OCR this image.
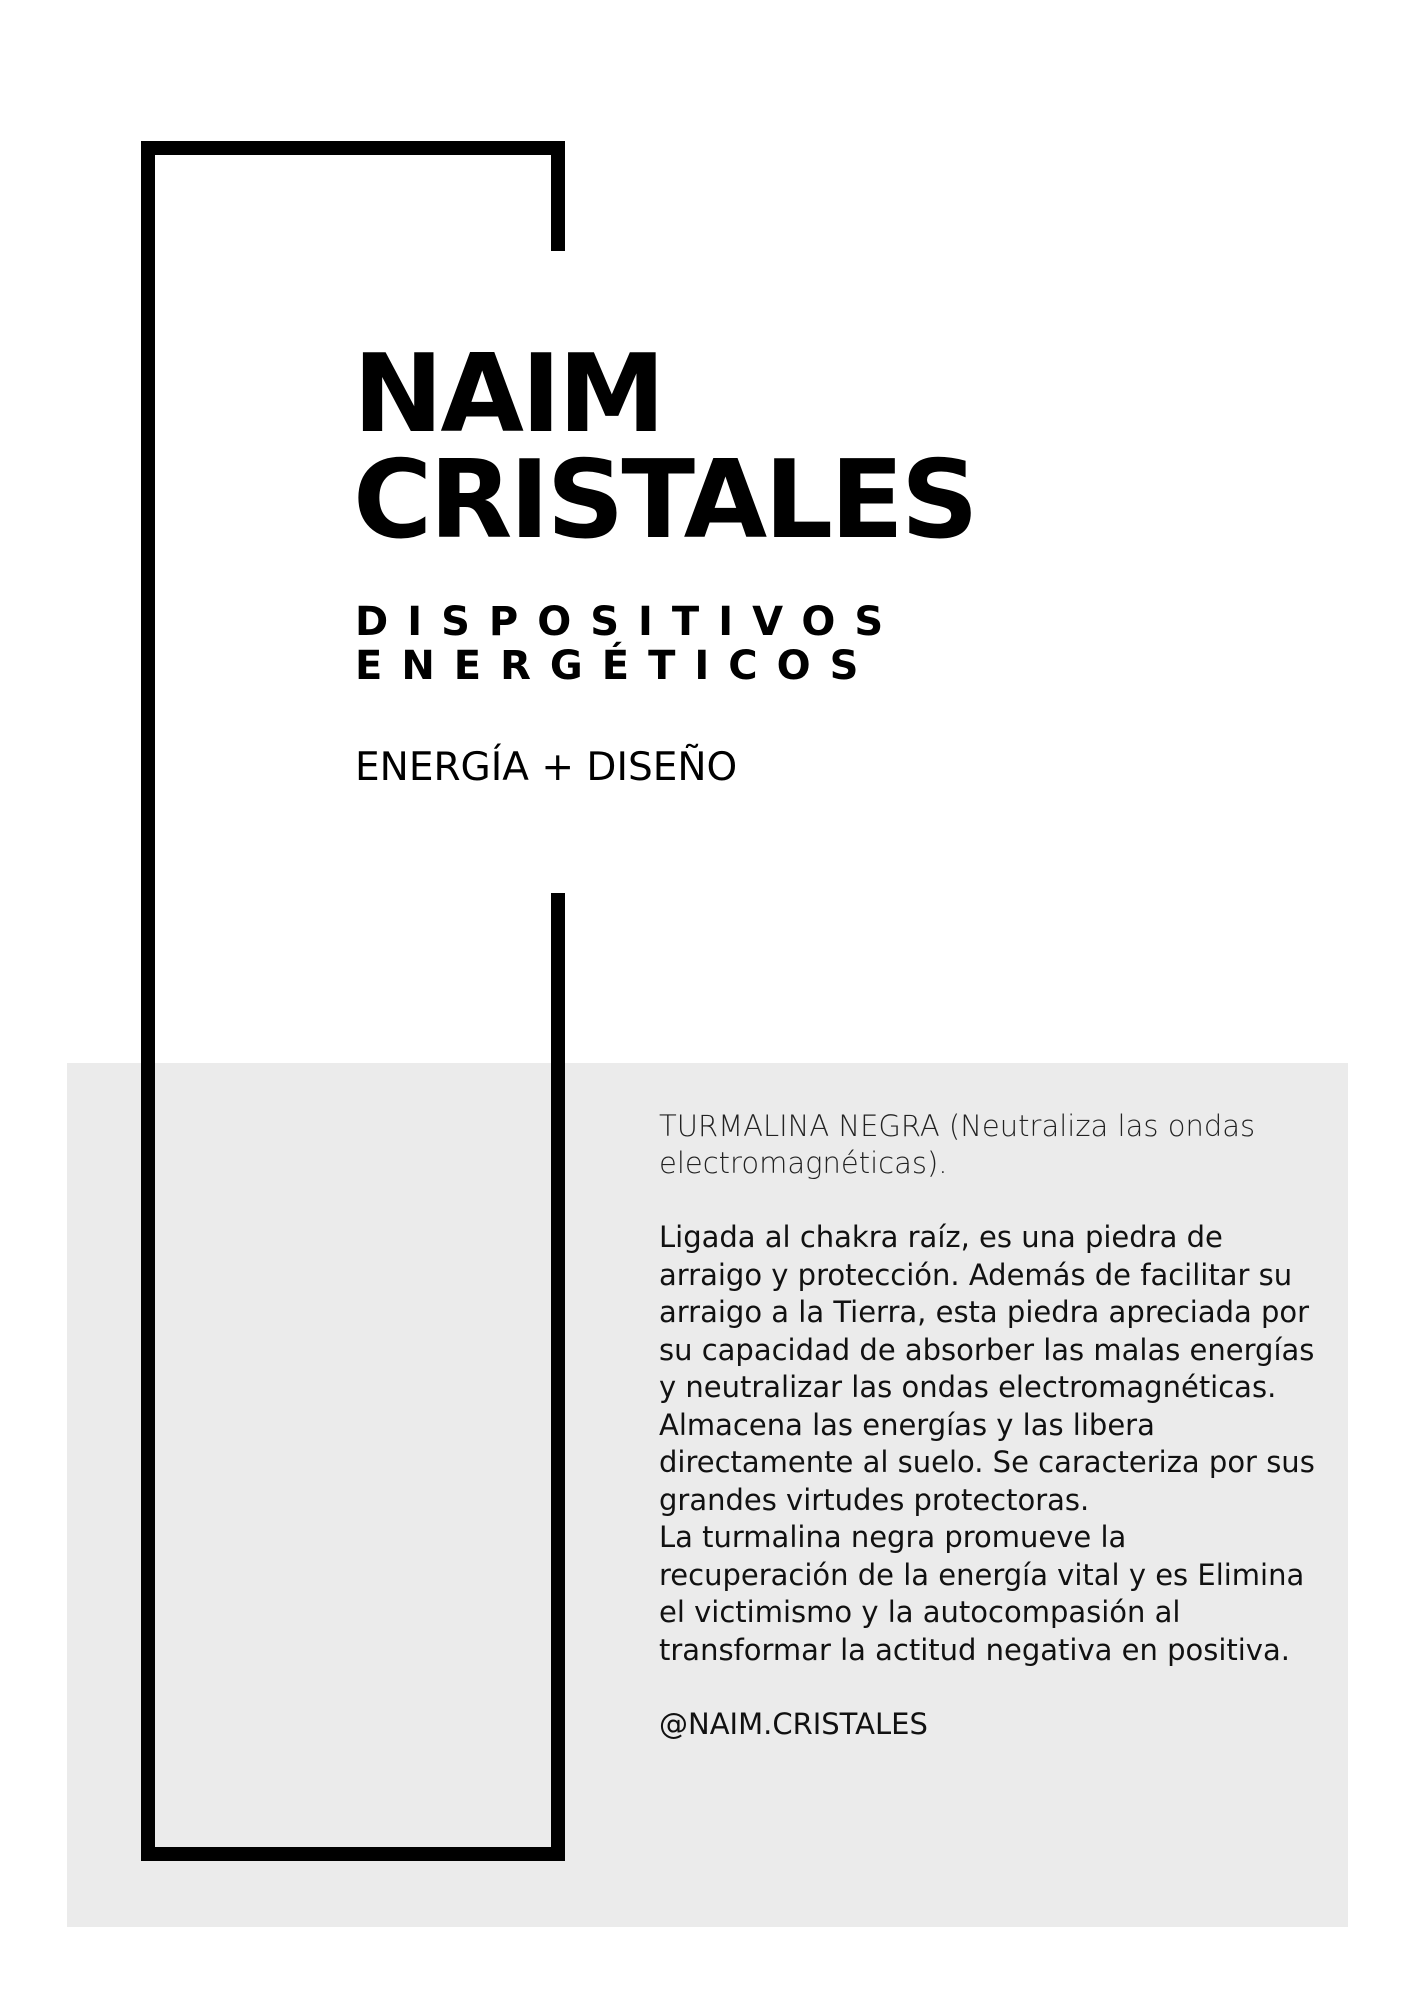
NAIM
CRISTALES
DISPOSITIVOS
ENERGÉTICOS

ENERGÍA + DISEÑO

TURMALINA NEGRA (Neutraliza las ondas electromagnéticas).

Ligada al chakra raíz, es una piedra de arraigo y protección. Además de facilitar su arraigo a la Tierra, esta piedra apreciada por su capacidad de absorber las malas energías y neutralizar las ondas electromagnéticas. Almacena las energías y las libera directamente al suelo. Se caracteriza por sus grandes virtudes protectoras.
La turmalina negra promueve la recuperación de la energía vital y es Elimina el victimismo y la autocompasión al transformar la actitud negativa en positiva.

@NAIM.CRISTALES
